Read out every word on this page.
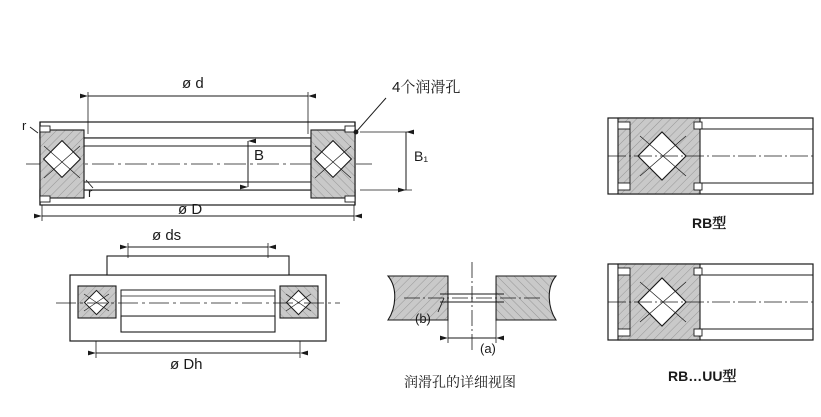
ø d
ø D
B	B₁
r
r
4个润滑孔
ø ds
ø Dh
(b)
(a)
润滑孔的详细视图
RB型
RB…UU型
